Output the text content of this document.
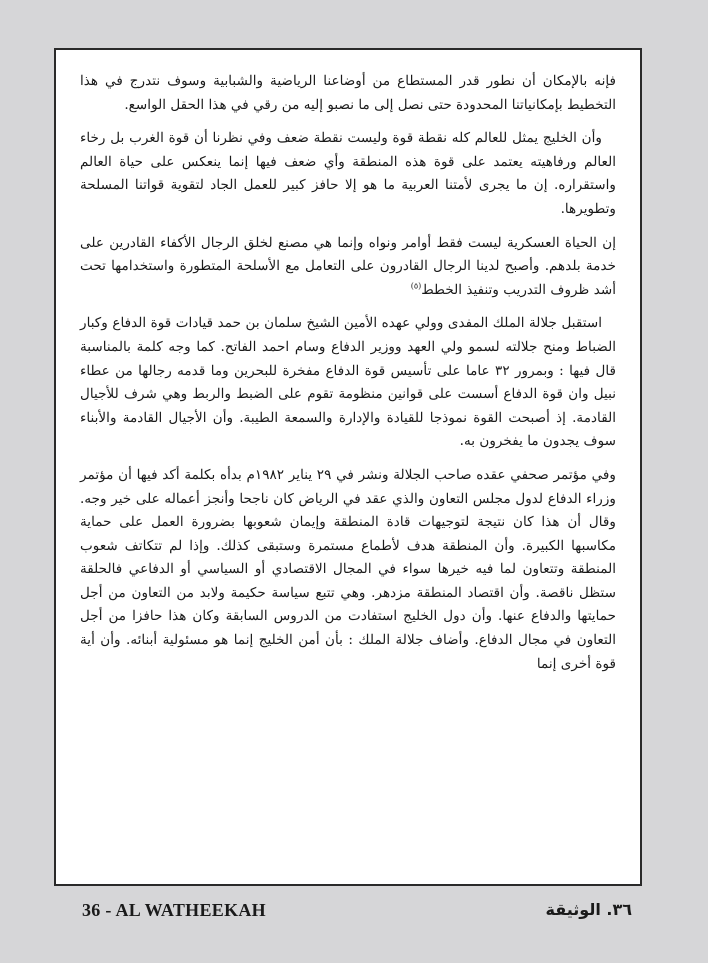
فإنه بالإمكان أن نطور قدر المستطاع من أوضاعنا الرياضية والشبابية وسوف نتدرج في هذا التخطيط بإمكانياتنا المحدودة حتى نصل إلى ما نصبو إليه من رقي في هذا الحقل الواسع.

وأن الخليج يمثل للعالم كله نقطة قوة وليست نقطة ضعف وفي نظرنا أن قوة الغرب بل رخاء العالم ورفاهيته يعتمد على قوة هذه المنطقة وأي ضعف فيها إنما ينعكس على حياة العالم واستقراره. إن ما يجرى لأمتنا العربية ما هو إلا حافز كبير للعمل الجاد لتقوية قواتنا المسلحة وتطويرها.

إن الحياة العسكرية ليست فقط أوامر ونواه وإنما هي مصنع لخلق الرجال الأكفاء القادرين على خدمة بلدهم. وأصبح لدينا الرجال القادرون على التعامل مع الأسلحة المتطورة واستخدامها تحت أشد ظروف التدريب وتنفيذ الخطط$^{(٥)}$

استقبل جلالة الملك المفدى وولي عهده الأمين الشيخ سلمان بن حمد قيادات قوة الدفاع وكبار الضباط ومنح جلالته لسمو ولي العهد ووزير الدفاع وسام احمد الفاتح. كما وجه كلمة بالمناسبة قال فيها : وبمرور ٣٢ عاما على تأسيس قوة الدفاع مفخرة للبحرين وما قدمه رجالها من عطاء نبيل وان قوة الدفاع أسست على قوانين منظومة تقوم على الضبط والربط وهي شرف للأجيال القادمة. إذ أصبحت القوة نموذجا للقيادة والإدارة والسمعة الطيبة. وأن الأجيال القادمة والأبناء سوف يجدون ما يفخرون به.

وفي مؤتمر صحفي عقده صاحب الجلالة ونشر في ٢٩ يناير ١٩٨٢م بدأه بكلمة أكد فيها أن مؤتمر وزراء الدفاع لدول مجلس التعاون والذي عقد في الرياض كان ناجحا وأنجز أعماله على خير وجه. وقال أن هذا كان نتيجة لتوجيهات قادة المنطقة وإيمان شعوبها بضرورة العمل على حماية مكاسبها الكبيرة. وأن المنطقة هدف لأطماع مستمرة وستبقى كذلك. وإذا لم تتكاتف شعوب المنطقة وتتعاون لما فيه خيرها سواء في المجال الاقتصادي أو السياسي أو الدفاعي فالحلقة ستظل ناقصة. وأن اقتصاد المنطقة مزدهر. وهي تتبع سياسة حكيمة ولابد من التعاون من أجل حمايتها والدفاع عنها. وأن دول الخليج استفادت من الدروس السابقة وكان هذا حافزا من أجل التعاون في مجال الدفاع. وأضاف جلالة الملك : بأن أمن الخليج إنما هو مسئولية أبنائه. وأن أية قوة أخرى إنما

36 - AL WATHEEKAH	٣٦. الوثيقة
